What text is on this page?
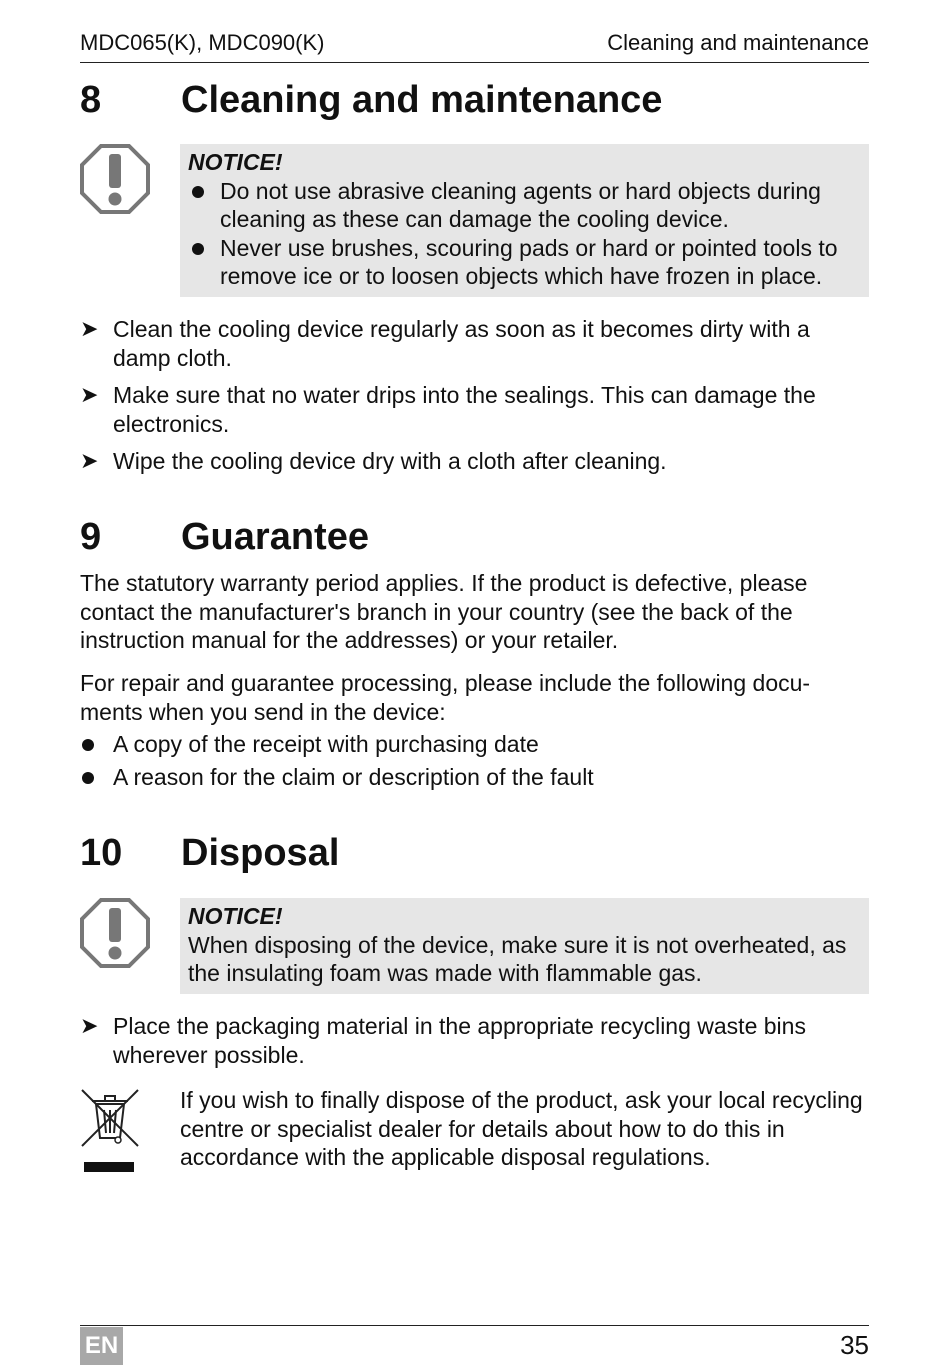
MDC065(K), MDC090(K)	Cleaning and maintenance
8 Cleaning and maintenance
NOTICE!
Do not use abrasive cleaning agents or hard objects during cleaning as these can damage the cooling device.
Never use brushes, scouring pads or hard or pointed tools to remove ice or to loosen objects which have frozen in place.
➤ Clean the cooling device regularly as soon as it becomes dirty with a damp cloth.
➤ Make sure that no water drips into the sealings. This can damage the electronics.
➤ Wipe the cooling device dry with a cloth after cleaning.
9 Guarantee
The statutory warranty period applies. If the product is defective, please contact the manufacturer's branch in your country (see the back of the instruction manual for the addresses) or your retailer.
For repair and guarantee processing, please include the following docu-ments when you send in the device:
A copy of the receipt with purchasing date
A reason for the claim or description of the fault
10 Disposal
NOTICE!
When disposing of the device, make sure it is not overheated, as the insulating foam was made with flammable gas.
➤ Place the packaging material in the appropriate recycling waste bins wherever possible.
If you wish to finally dispose of the product, ask your local recycling centre or specialist dealer for details about how to do this in accordance with the applicable disposal regulations.
EN	35
